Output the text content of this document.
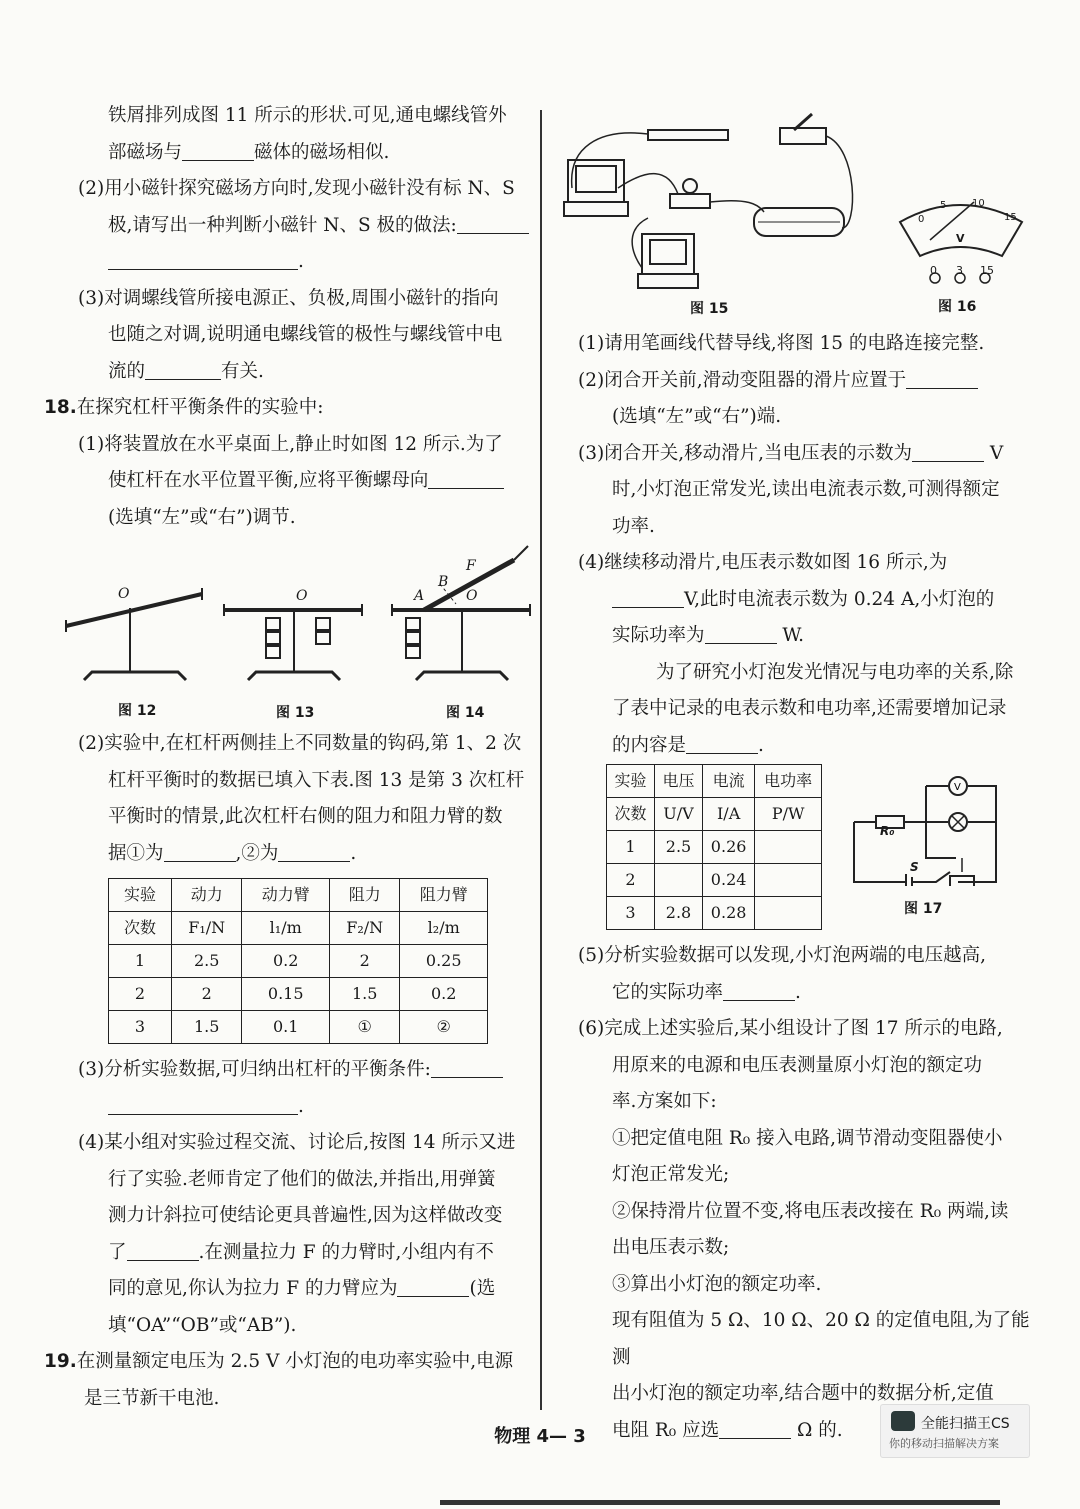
铁屑排列成图 11 所示的形状.可见,通电螺线管外

部磁场与	磁体的磁场相似.

(2)用小磁针探究磁场方向时,发现小磁针没有标 N、S

极,请写出一种判断小磁针 N、S 极的做法:

.

(3)对调螺线管所接电源正、负极,周围小磁针的指向

也随之对调,说明通电螺线管的极性与螺线管中电

流的	有关.

18.在探究杠杆平衡条件的实验中:

(1)将装置放在水平桌面上,静止时如图 12 所示.为了

使杠杆在水平位置平衡,应将平衡螺母向

(选填“左”或“右”)调节.

O	O	A
B
O
F
图 12	图 13	图 14

(2)实验中,在杠杆两侧挂上不同数量的钩码,第 1、2 次

杠杆平衡时的数据已填入下表.图 13 是第 3 次杠杆

平衡时的情景,此次杠杆右侧的阻力和阻力臂的数

据①为	,②为	.

实验	动力	动力臂	阻力	阻力臂
次数	F₁/N	l₁/m	F₂/N	l₂/m
1	2.5	0.2	2	0.25
2	2	0.15	1.5	0.2
3	1.5	0.1	①	②

(3)分析实验数据,可归纳出杠杆的平衡条件:

.

(4)某小组对实验过程交流、讨论后,按图 14 所示又进

行了实验.老师肯定了他们的做法,并指出,用弹簧

测力计斜拉可使结论更具普遍性,因为这样做改变

了	.在测量拉力 F 的力臂时,小组内有不

同的意见,你认为拉力 F 的力臂应为	(选

填“OA”“OB”或“AB”).

19.在测量额定电压为 2.5 V 小灯泡的电功率实验中,电源

是三节新干电池.

图 15
0
5	10
15
V
0 3 15
图 16

(1)请用笔画线代替导线,将图 15 的电路连接完整.

(2)闭合开关前,滑动变阻器的滑片应置于

(选填“左”或“右”)端.

(3)闭合开关,移动滑片,当电压表的示数为	V

时,小灯泡正常发光,读出电流表示数,可测得额定

功率.

(4)继续移动滑片,电压表示数如图 16 所示,为

V,此时电流表示数为 0.24 A,小灯泡的

实际功率为	W.

为了研究小灯泡发光情况与电功率的关系,除

了表中记录的电表示数和电功率,还需要增加记录

的内容是	.

实验	电压	电流	电功率
次数	U/V	I/A	P/W
1	2.5	0.26	
2		0.24	
3	2.8	0.28	
V
R₀
S
图 17

(5)分析实验数据可以发现,小灯泡两端的电压越高,

它的实际功率	.

(6)完成上述实验后,某小组设计了图 17 所示的电路,

用原来的电源和电压表测量原小灯泡的额定功

率.方案如下:

①把定值电阻 R₀ 接入电路,调节滑动变阻器使小

灯泡正常发光;

②保持滑片位置不变,将电压表改接在 R₀ 两端,读

出电压表示数;

③算出小灯泡的额定功率.

现有阻值为 5 Ω、10 Ω、20 Ω 的定值电阻,为了能测

出小灯泡的额定功率,结合题中的数据分析,定值

电阻 R₀ 应选	Ω 的.

物理 4— 3
全能扫描王CS
你的移动扫描解决方案
